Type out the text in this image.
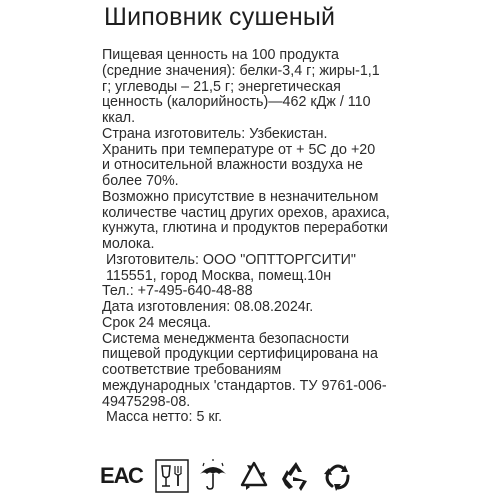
Шиповник сушеный
Пищевая ценность на 100 продукта
(средние значения): белки-3,4 г; жиры-1,1
г; углеводы – 21,5 г; энергетическая
ценность (калорийность)—462 кДж / 110
ккал.
Страна изготовитель: Узбекистан.
Хранить при температуре от + 5С до +20
и относительной влажности воздуха не
более 70%.
Возможно присутствие в незначительном
количестве частиц других орехов, арахиса,
кунжута, глютина и продуктов переработки
молока.
Изготовитель: ООО "ОПТТОРГСИТИ"
115551, город Москва, помещ.10н
Тел.: +7-495-640-48-88
Дата изготовления: 08.08.2024г.
Срок 24 месяца.
Система менеджмента безопасности
пищевой продукции сертифицирована на
соответствие требованиям
международных 'стандартов. ТУ 9761-006-
49475298-08.
Масса нетто: 5 кг.
ЕАС
